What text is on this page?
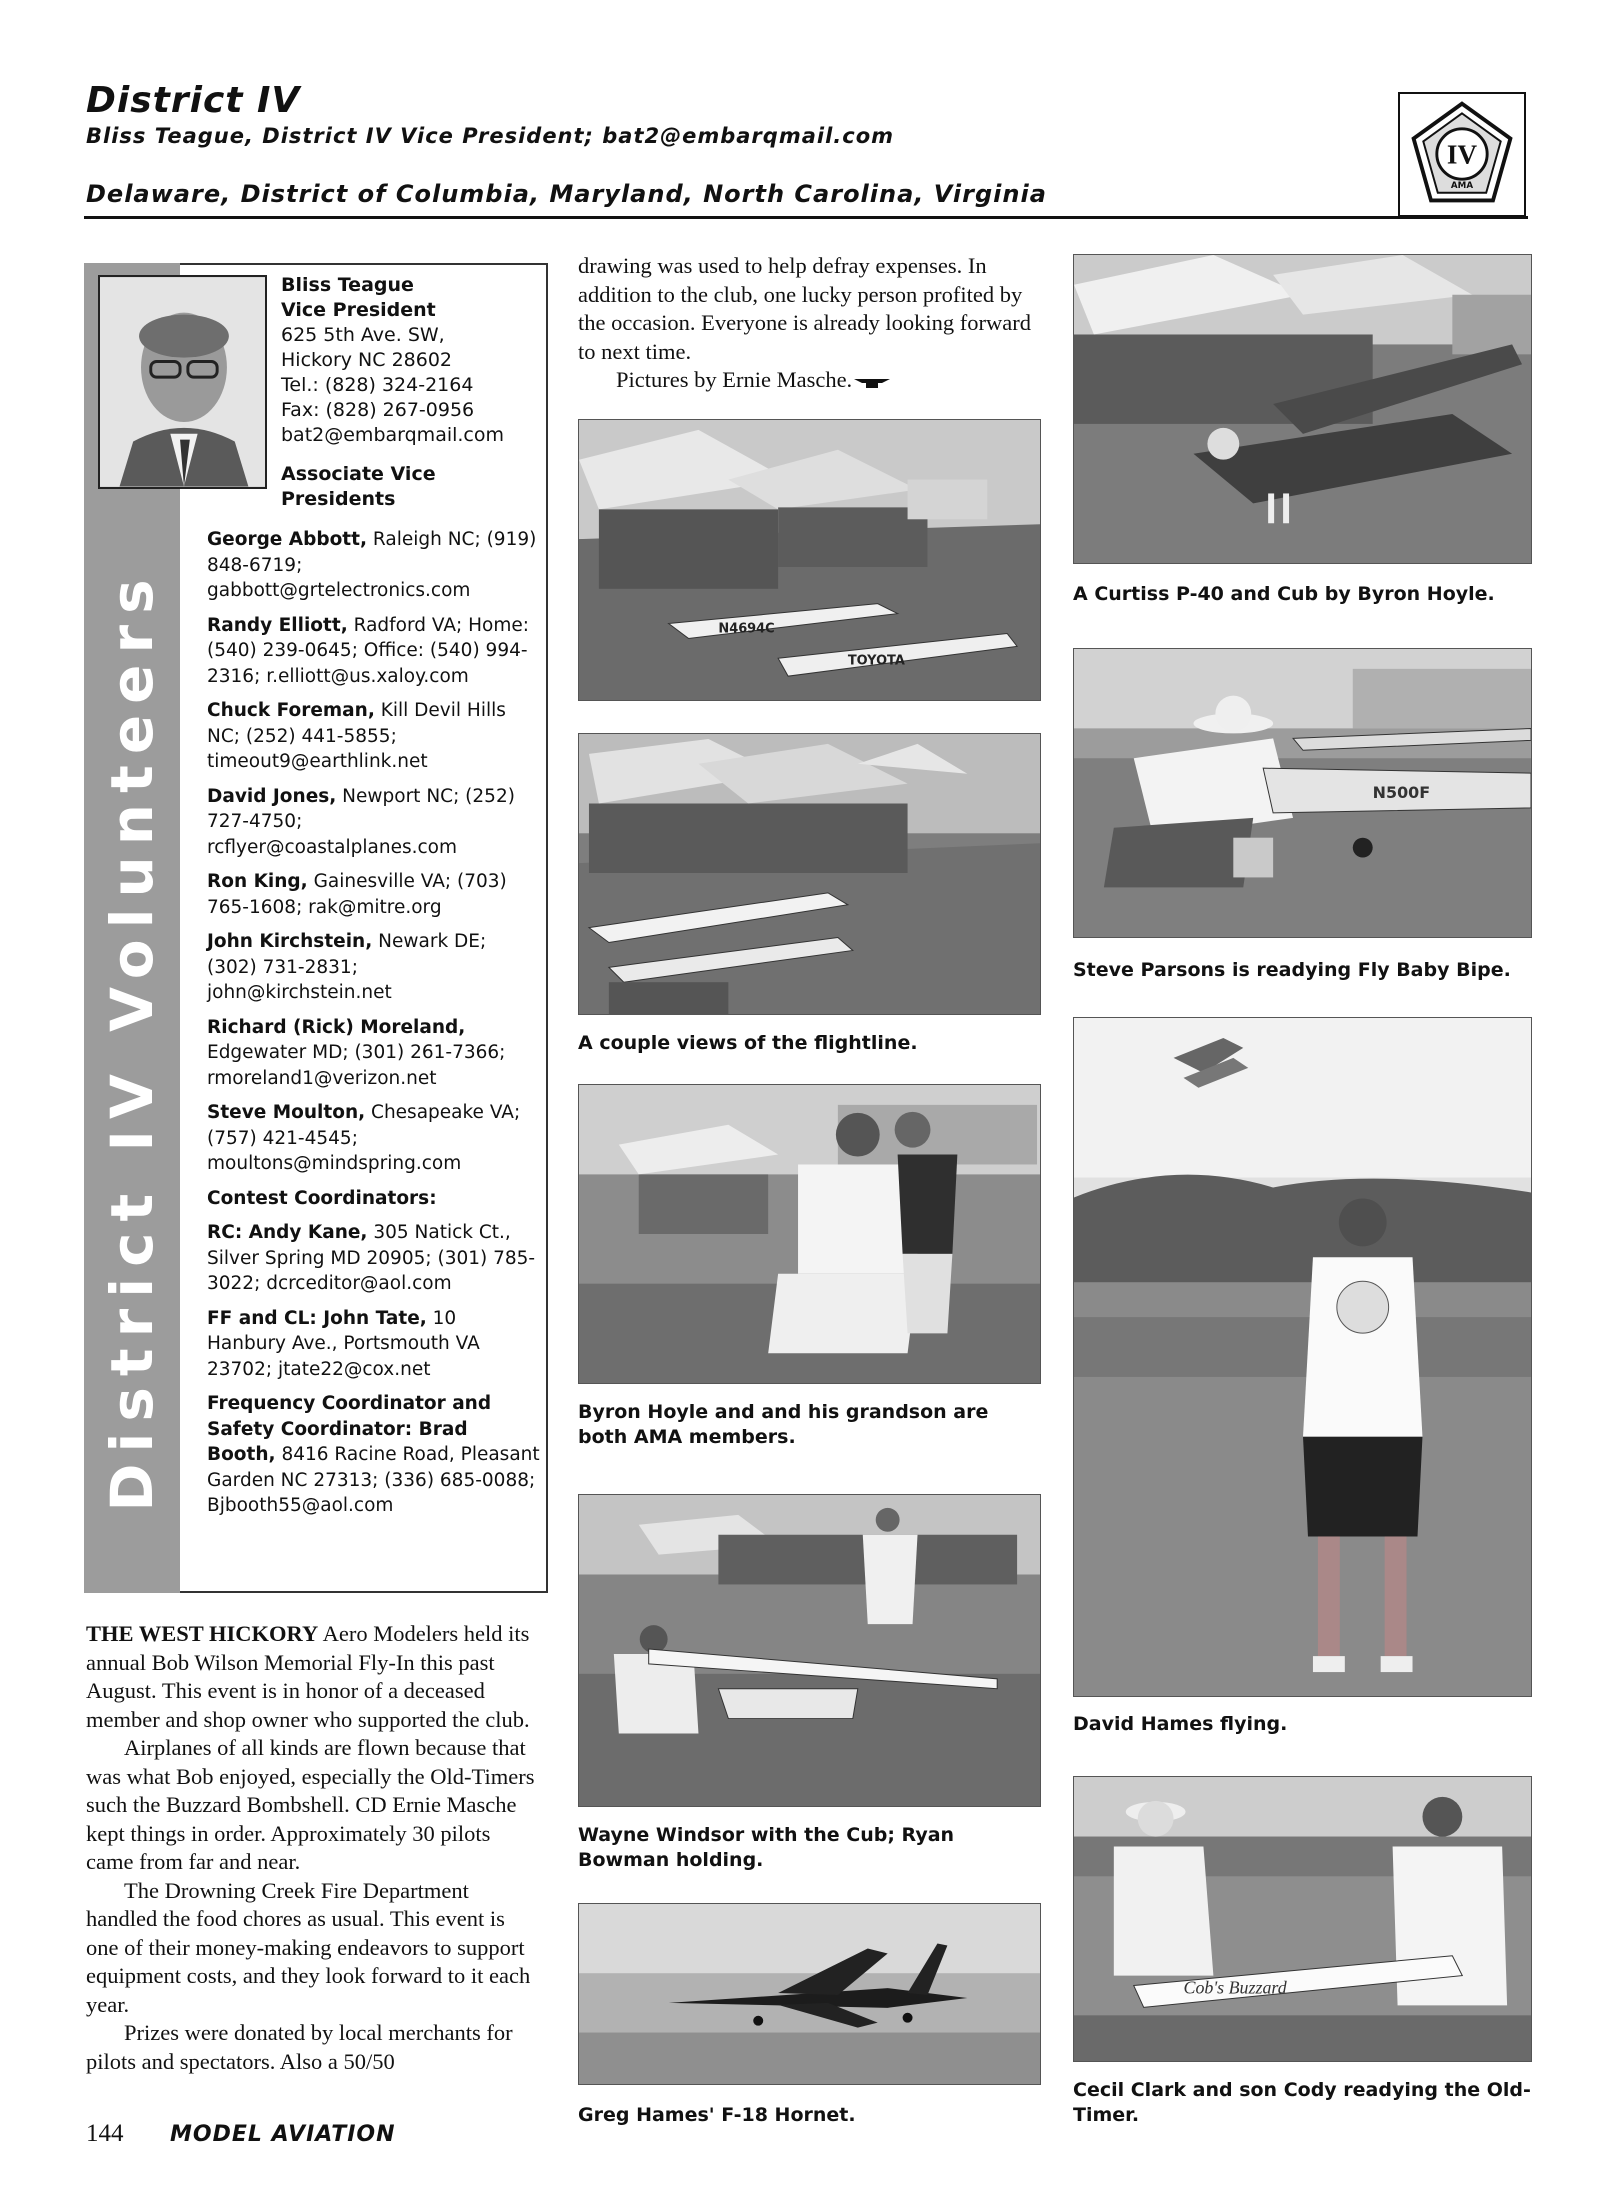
District IV
Bliss Teague, District IV Vice President; bat2@embarqmail.com
Delaware, District of Columbia, Maryland, North Carolina, Virginia
IV
AMA
District IV Volunteers
Bliss Teague
Vice President
625 5th Ave. SW,
Hickory NC 28602
Tel.: (828) 324-2164
Fax: (828) 267-0956
bat2@embarqmail.com
Associate Vice Presidents
George Abbott, Raleigh NC; (919) 848-6719; gabbott@grtelectronics.com
Randy Elliott, Radford VA; Home: (540) 239-0645; Office: (540) 994-2316; r.elliott@us.xaloy.com
Chuck Foreman, Kill Devil Hills NC; (252) 441-5855; timeout9@earthlink.net
David Jones, Newport NC; (252) 727-4750; rcflyer@coastalplanes.com
Ron King, Gainesville VA; (703) 765-1608; rak@mitre.org
John Kirchstein, Newark DE; (302) 731-2831; john@kirchstein.net
Richard (Rick) Moreland, Edgewater MD; (301) 261-7366; rmoreland1@verizon.net
Steve Moulton, Chesapeake VA; (757) 421-4545; moultons@mindspring.com
Contest Coordinators:
RC: Andy Kane, 305 Natick Ct., Silver Spring MD 20905; (301) 785-3022; dcrceditor@aol.com
FF and CL: John Tate, 10 Hanbury Ave., Portsmouth VA 23702; jtate22@cox.net
Frequency Coordinator and Safety Coordinator: Brad Booth, 8416 Racine Road, Pleasant Garden NC 27313; (336) 685-0088; Bjbooth55@aol.com

THE WEST HICKORY Aero Modelers held its annual Bob Wilson Memorial Fly-In this past August. This event is in honor of a deceased member and shop owner who supported the club.

Airplanes of all kinds are flown because that was what Bob enjoyed, especially the Old-Timers such the Buzzard Bombshell. CD Ernie Masche kept things in order. Approximately 30 pilots came from far and near.

The Drowning Creek Fire Department handled the food chores as usual. This event is one of their money-making endeavors to support equipment costs, and they look forward to it each year.

Prizes were donated by local merchants for pilots and spectators. Also a 50/50

drawing was used to help defray expenses. In addition to the club, one lucky person profited by the occasion. Everyone is already looking forward to next time.

Pictures by Ernie Masche.

N4694C
TOYOTA
A couple views of the flightline.
Byron Hoyle and and his grandson are both AMA members.
Wayne Windsor with the Cub; Ryan Bowman holding.
Greg Hames' F-18 Hornet.
A Curtiss P-40 and Cub by Byron Hoyle.
N500F
Steve Parsons is readying Fly Baby Bipe.
David Hames flying.
Cob's Buzzard
Cecil Clark and son Cody readying the Old-Timer.
144 MODEL AVIATION
